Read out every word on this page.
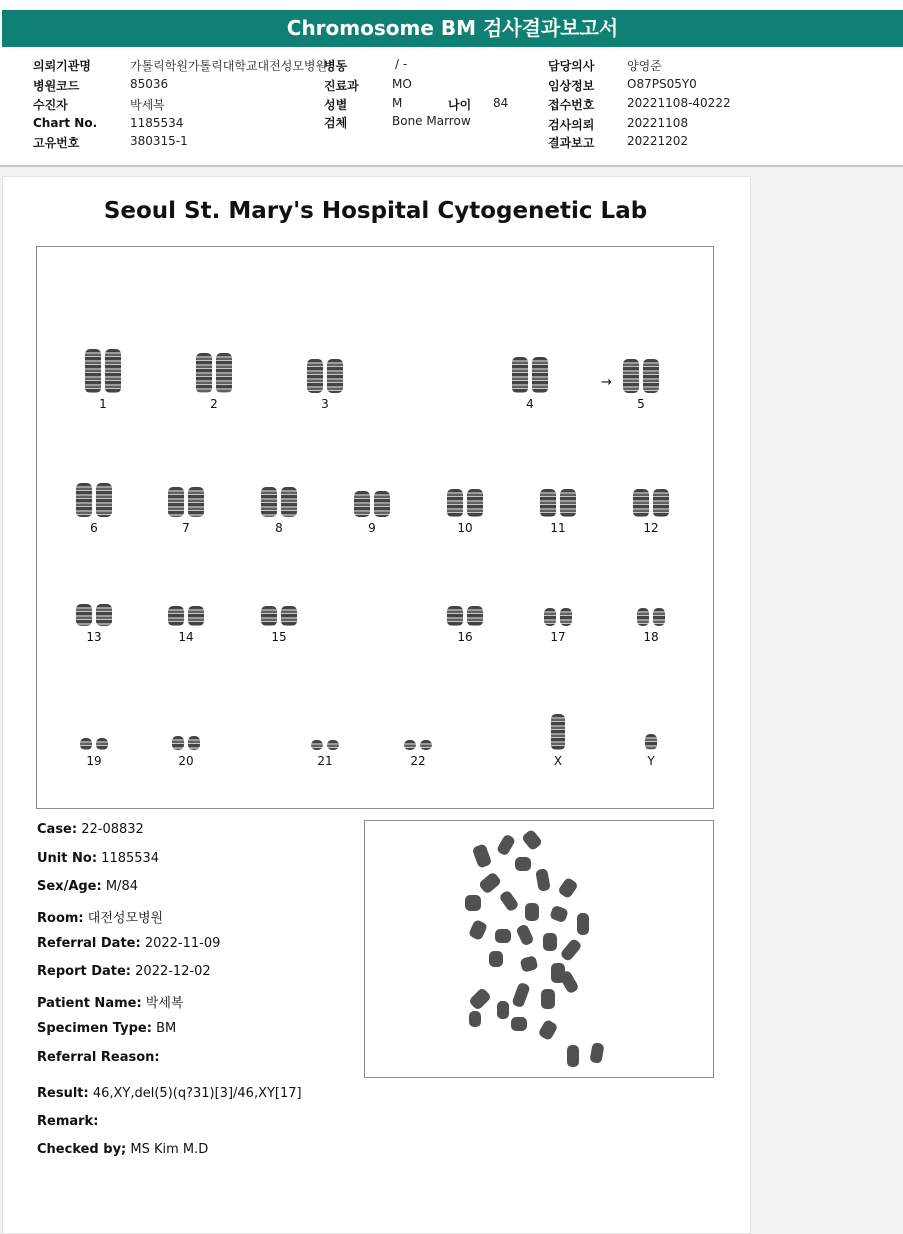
Chromosome BM 검사결과보고서
의뢰기관명	가톨릭학원가톨릭대학교대전성모병원
병원코드	85036
수진자	박세복
Chart No.	1185534
고유번호	380315-1
병동	/ -
진료과	MO
성별	M	나이 84
검체	Bone Marrow
담당의사	양영준
임상정보	O87PS05Y0
접수번호	20221108-40222
검사의뢰	20221108
결과보고	20221202
Seoul St. Mary's Hospital Cytogenetic Lab
1	2	3	4	5
6	7	8	9	10	11	12
13	14	15	16	17	18
19	20	21	22	X	Y
→
Case: 22-08832
Unit No: 1185534
Sex/Age: M/84
Room: 대전성모병원
Referral Date: 2022-11-09
Report Date: 2022-12-02
Patient Name: 박세복
Specimen Type: BM
Referral Reason:
Result: 46,XY,del(5)(q?31)[3]/46,XY[17]
Remark:
Checked by; MS Kim M.D
